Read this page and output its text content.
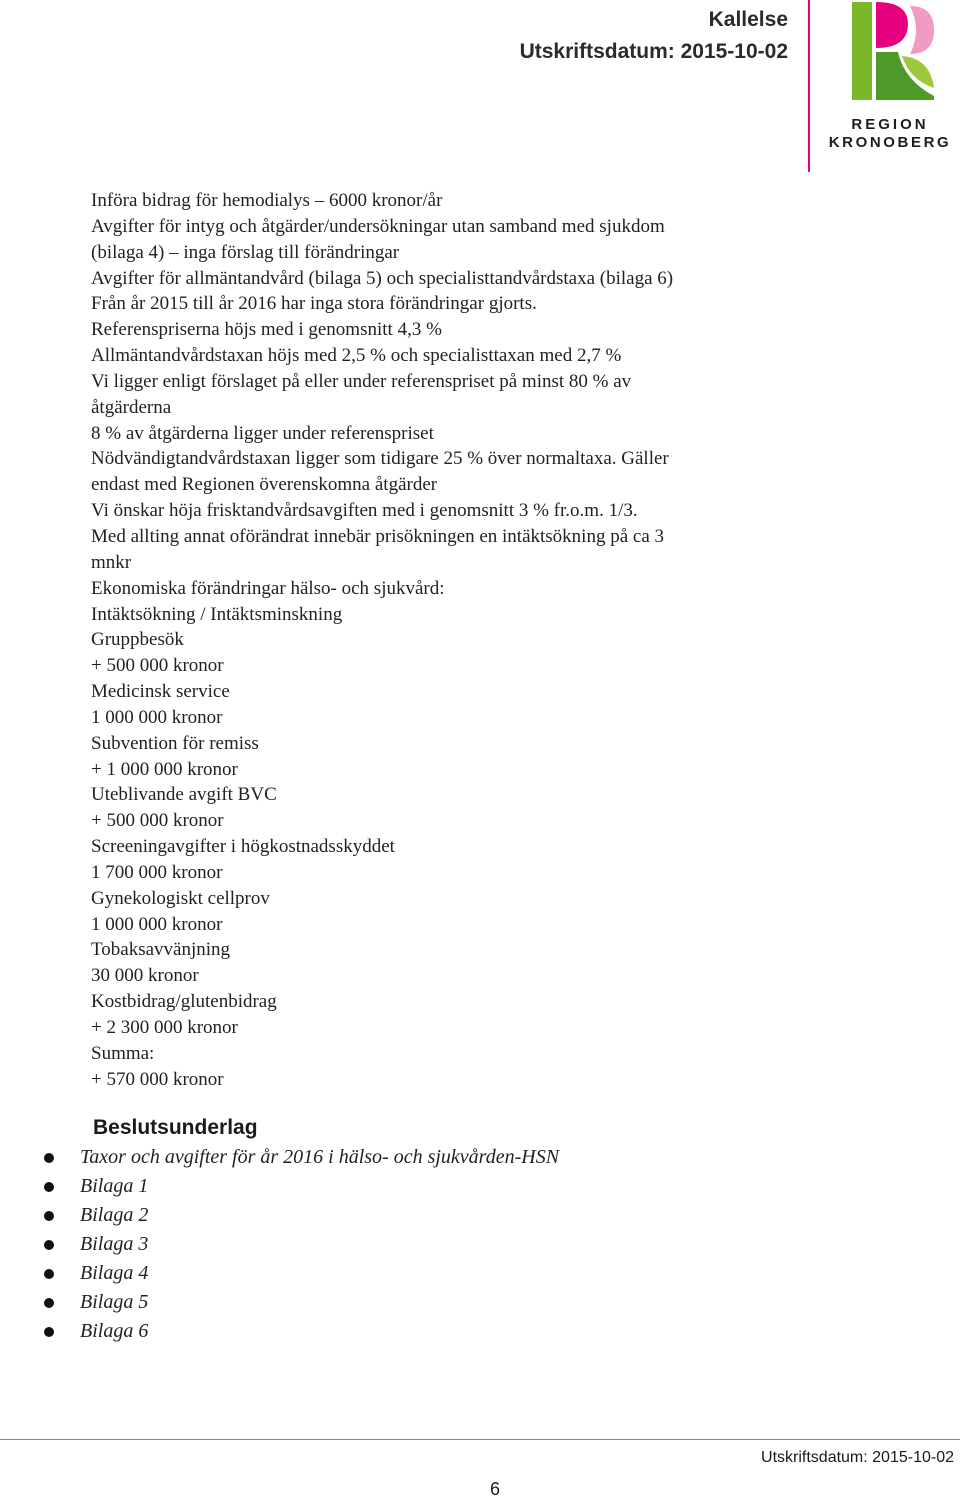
Kallelse
Utskriftsdatum: 2015-10-02
REGION
KRONOBERG
Införa bidrag för hemodialys – 6000 kronor/år
Avgifter för intyg och åtgärder/undersökningar utan samband med sjukdom
(bilaga 4) – inga förslag till förändringar
Avgifter för allmäntandvård (bilaga 5) och specialisttandvårdstaxa (bilaga 6)
Från år 2015 till år 2016 har inga stora förändringar gjorts.
Referenspriserna höjs med i genomsnitt 4,3 %
Allmäntandvårdstaxan höjs med 2,5 % och specialisttaxan med 2,7 %
Vi ligger enligt förslaget på eller under referenspriset på minst 80 % av
åtgärderna
8 % av åtgärderna ligger under referenspriset
Nödvändigtandvårdstaxan ligger som tidigare 25 % över normaltaxa. Gäller
endast med Regionen överenskomna åtgärder
Vi önskar höja frisktandvårdsavgiften med i genomsnitt 3 % fr.o.m. 1/3.
Med allting annat oförändrat innebär prisökningen en intäktsökning på ca 3
mnkr
Ekonomiska förändringar hälso- och sjukvård:
Intäktsökning / Intäktsminskning
Gruppbesök
+ 500 000 kronor
Medicinsk service
1 000 000 kronor
Subvention för remiss
+ 1 000 000 kronor
Uteblivande avgift BVC
+ 500 000 kronor
Screeningavgifter i högkostnadsskyddet
1 700 000 kronor
Gynekologiskt cellprov
1 000 000 kronor
Tobaksavvänjning
30 000 kronor
Kostbidrag/glutenbidrag
+ 2 300 000 kronor
Summa:
+ 570 000 kronor
Beslutsunderlag
Taxor och avgifter för år 2016 i hälso- och sjukvården-HSN
Bilaga 1
Bilaga 2
Bilaga 3
Bilaga 4
Bilaga 5
Bilaga 6
Utskriftsdatum: 2015-10-02
6
